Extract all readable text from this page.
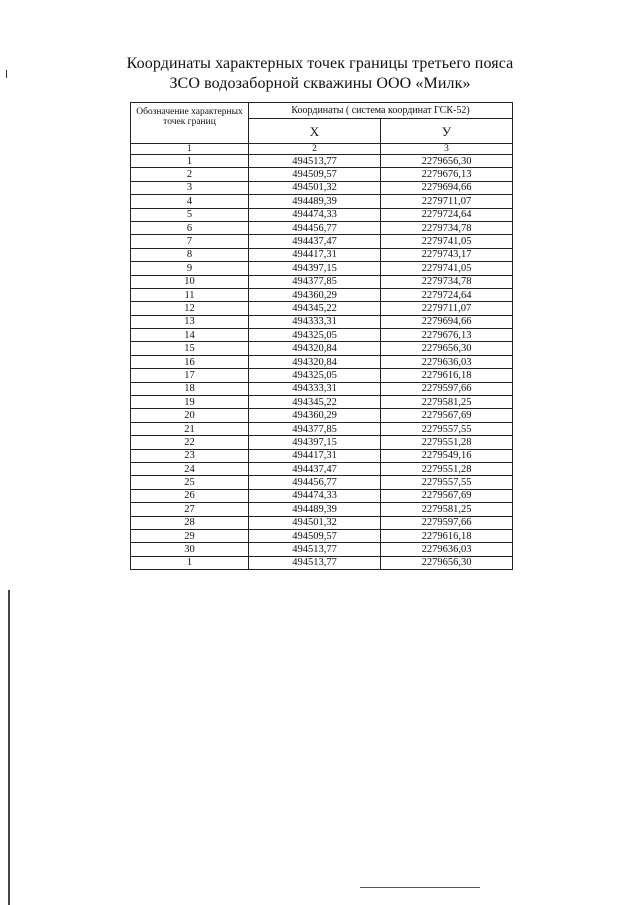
Координаты характерных точек границы третьего пояса
ЗСО водозаборной скважины ООО «Милк»
Обозначение характерных точек границ	Координаты ( система координат ГСК-52)	
	X	У
1	2	3
1	494513,77	2279656,30
2	494509,57	2279676,13
3	494501,32	2279694,66
4	494489,39	2279711,07
5	494474,33	2279724,64
6	494456,77	2279734,78
7	494437,47	2279741,05
8	494417,31	2279743,17
9	494397,15	2279741,05
10	494377,85	2279734,78
11	494360,29	2279724,64
12	494345,22	2279711,07
13	494333,31	2279694,66
14	494325,05	2279676,13
15	494320,84	2279656,30
16	494320,84	2279636,03
17	494325,05	2279616,18
18	494333,31	2279597,66
19	494345,22	2279581,25
20	494360,29	2279567,69
21	494377,85	2279557,55
22	494397,15	2279551,28
23	494417,31	2279549,16
24	494437,47	2279551,28
25	494456,77	2279557,55
26	494474,33	2279567,69
27	494489,39	2279581,25
28	494501,32	2279597,66
29	494509,57	2279616,18
30	494513,77	2279636,03
1	494513,77	2279656,30
